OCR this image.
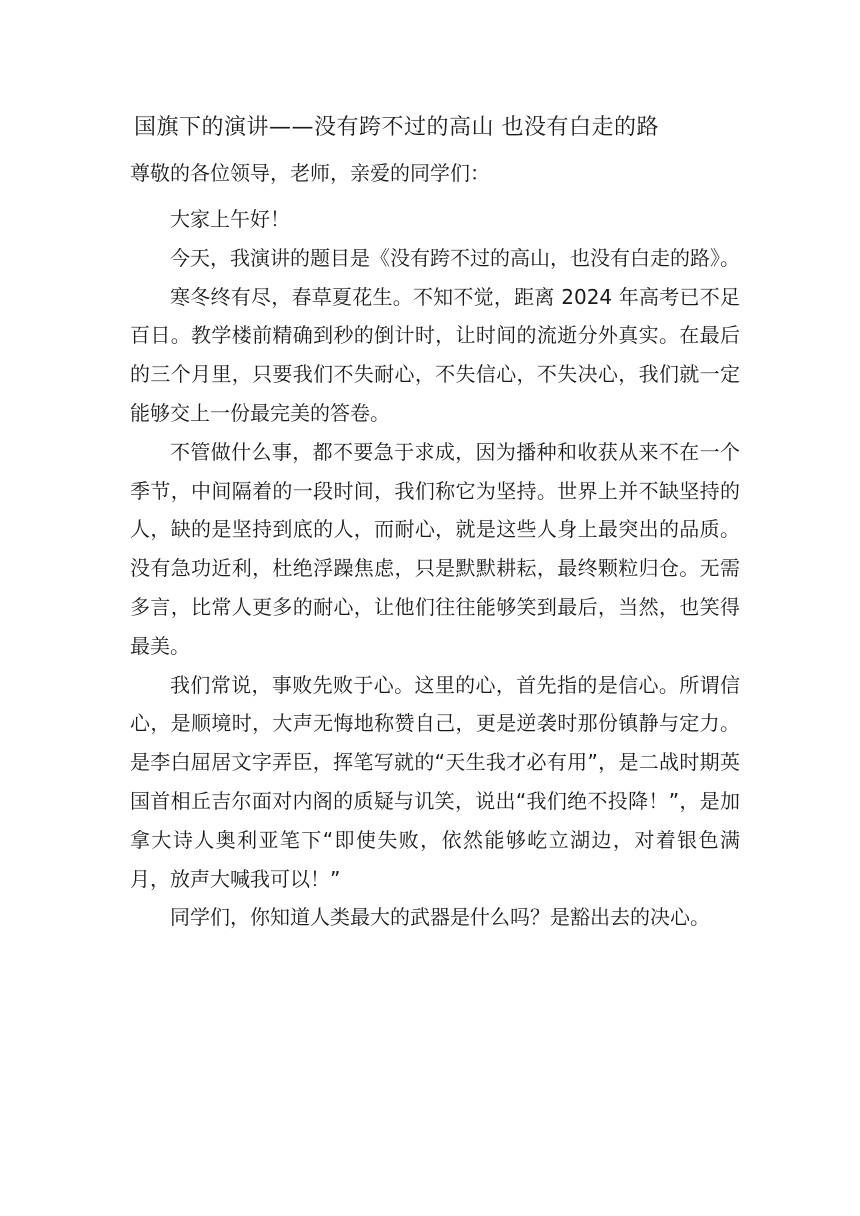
国旗下的演讲——没有跨不过的高山 也没有白走的路
尊敬的各位领导，老师，亲爱的同学们：

大家上午好！

今天，我演讲的题目是《没有跨不过的高山，也没有白走的路》。

寒冬终有尽，春草夏花生。不知不觉，距离 2024 年高考已不足百日。教学楼前精确到秒的倒计时，让时间的流逝分外真实。在最后的三个月里，只要我们不失耐心，不失信心，不失决心，我们就一定能够交上一份最完美的答卷。

不管做什么事，都不要急于求成，因为播种和收获从来不在一个季节，中间隔着的一段时间，我们称它为坚持。世界上并不缺坚持的人，缺的是坚持到底的人，而耐心，就是这些人身上最突出的品质。没有急功近利，杜绝浮躁焦虑，只是默默耕耘，最终颗粒归仓。无需多言，比常人更多的耐心，让他们往往能够笑到最后，当然，也笑得最美。

我们常说，事败先败于心。这里的心，首先指的是信心。所谓信心，是顺境时，大声无悔地称赞自己，更是逆袭时那份镇静与定力。是李白屈居文字弄臣，挥笔写就的“天生我才必有用”，是二战时期英国首相丘吉尔面对内阁的质疑与讥笑，说出“我们绝不投降！”，是加拿大诗人奥利亚笔下“即使失败，依然能够屹立湖边，对着银色满月，放声大喊我可以！”

同学们，你知道人类最大的武器是什么吗？是豁出去的决心。
